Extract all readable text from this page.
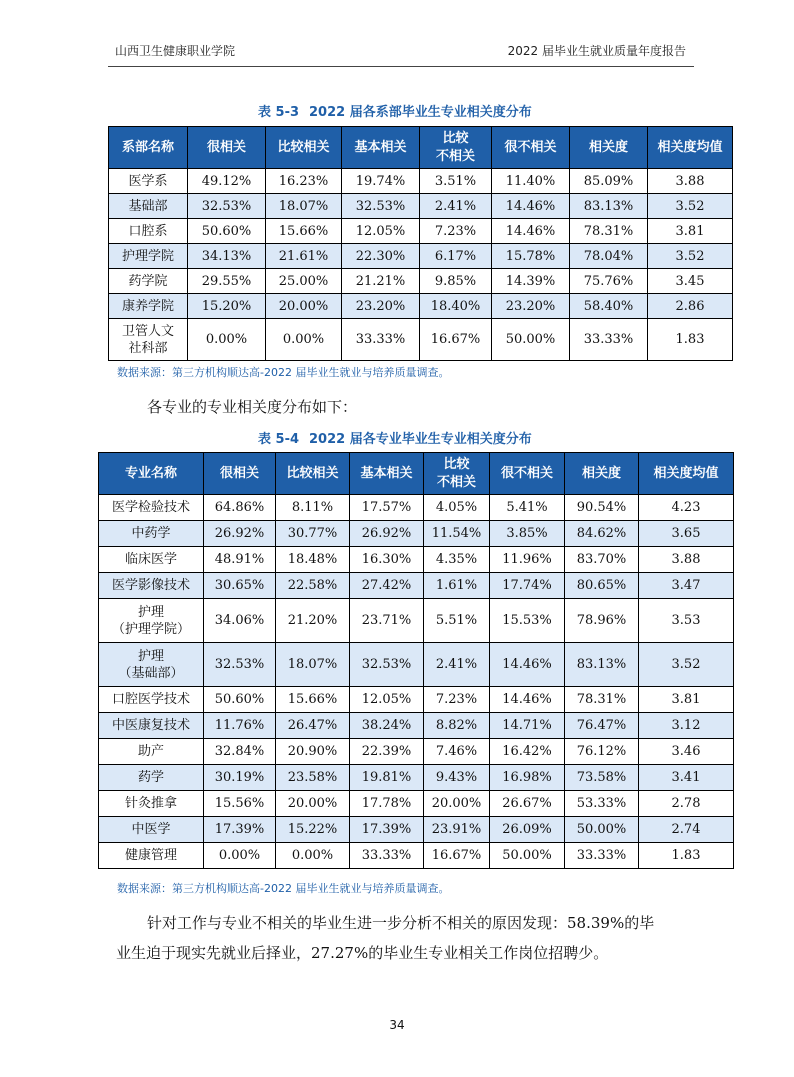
山西卫生健康职业学院	2022 届毕业生就业质量年度报告
表 5-3 2022 届各系部毕业生专业相关度分布
系部名称	很相关	比较相关	基本相关	比较
不相关	很不相关	相关度	相关度均值
医学系	49.12%	16.23%	19.74%	3.51%	11.40%	85.09%	3.88
基础部	32.53%	18.07%	32.53%	2.41%	14.46%	83.13%	3.52
口腔系	50.60%	15.66%	12.05%	7.23%	14.46%	78.31%	3.81
护理学院	34.13%	21.61%	22.30%	6.17%	15.78%	78.04%	3.52
药学院	29.55%	25.00%	21.21%	9.85%	14.39%	75.76%	3.45
康养学院	15.20%	20.00%	23.20%	18.40%	23.20%	58.40%	2.86
卫管人文
社科部	0.00%	0.00%	33.33%	16.67%	50.00%	33.33%	1.83
数据来源：第三方机构顺达高-2022 届毕业生就业与培养质量调查。
各专业的专业相关度分布如下：
表 5-4 2022 届各专业毕业生专业相关度分布
专业名称	很相关	比较相关	基本相关	比较
不相关	很不相关	相关度	相关度均值
医学检验技术	64.86%	8.11%	17.57%	4.05%	5.41%	90.54%	4.23
中药学	26.92%	30.77%	26.92%	11.54%	3.85%	84.62%	3.65
临床医学	48.91%	18.48%	16.30%	4.35%	11.96%	83.70%	3.88
医学影像技术	30.65%	22.58%	27.42%	1.61%	17.74%	80.65%	3.47
护理
（护理学院）	34.06%	21.20%	23.71%	5.51%	15.53%	78.96%	3.53
护理
（基础部）	32.53%	18.07%	32.53%	2.41%	14.46%	83.13%	3.52
口腔医学技术	50.60%	15.66%	12.05%	7.23%	14.46%	78.31%	3.81
中医康复技术	11.76%	26.47%	38.24%	8.82%	14.71%	76.47%	3.12
助产	32.84%	20.90%	22.39%	7.46%	16.42%	76.12%	3.46
药学	30.19%	23.58%	19.81%	9.43%	16.98%	73.58%	3.41
针灸推拿	15.56%	20.00%	17.78%	20.00%	26.67%	53.33%	2.78
中医学	17.39%	15.22%	17.39%	23.91%	26.09%	50.00%	2.74
健康管理	0.00%	0.00%	33.33%	16.67%	50.00%	33.33%	1.83
数据来源：第三方机构顺达高-2022 届毕业生就业与培养质量调查。
针对工作与专业不相关的毕业生进一步分析不相关的原因发现：58.39%的毕
业生迫于现实先就业后择业，27.27%的毕业生专业相关工作岗位招聘少。
34
